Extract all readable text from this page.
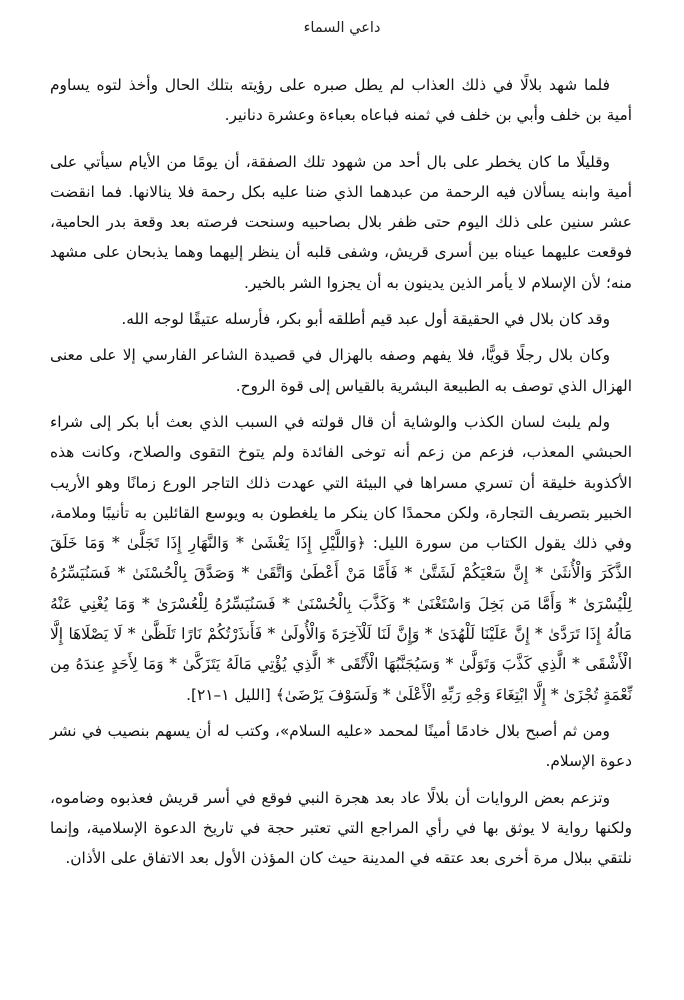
داعي السماء

فلما شهد بلالًا في ذلك العذاب لم يطل صبره على رؤيته بتلك الحال وأخذ لتوه يساوم أمية بن خلف وأبي بن خلف في ثمنه فباعاه بعباءة وعشرة دنانير.

وقليلًا ما كان يخطر على بال أحد من شهود تلك الصفقة، أن يومًا من الأيام سيأتي على أمية وابنه يسألان فيه الرحمة من عبدهما الذي ضنا عليه بكل رحمة فلا ينالانها. فما انقضت عشر سنين على ذلك اليوم حتى ظفر بلال بصاحبيه وسنحت فرصته بعد وقعة بدر الحامية، فوقعت عليهما عيناه بين أسرى قريش، وشفى قلبه أن ينظر إليهما وهما يذبحان على مشهد منه؛ لأن الإسلام لا يأمر الذين يدينون به أن يجزوا الشر بالخير.

وقد كان بلال في الحقيقة أول عبد قيم أطلقه أبو بكر، فأرسله عتيقًا لوجه الله.

وكان بلال رجلًا قويًّا، فلا يفهم وصفه بالهزال في قصيدة الشاعر الفارسي إلا على معنى الهزال الذي توصف به الطبيعة البشرية بالقياس إلى قوة الروح.

ولم يلبث لسان الكذب والوشاية أن قال قولته في السبب الذي بعث أبا بكر إلى شراء الحبشي المعذب، فزعم من زعم أنه توخى الفائدة ولم يتوخ التقوى والصلاح، وكانت هذه الأكذوبة خليقة أن تسري مسراها في البيئة التي عهدت ذلك التاجر الورع زمانًا وهو الأريب الخبير بتصريف التجارة، ولكن محمدًا كان ينكر ما يلغطون به ويوسع القائلين به تأنيبًا وملامة، وفي ذلك يقول الكتاب من سورة الليل: ﴿وَاللَّيْلِ إِذَا يَغْشَىٰ * وَالنَّهَارِ إِذَا تَجَلَّىٰ * وَمَا خَلَقَ الذَّكَرَ وَالْأُنثَىٰ * إِنَّ سَعْيَكُمْ لَشَتَّىٰ * فَأَمَّا مَنْ أَعْطَىٰ وَاتَّقَىٰ * وَصَدَّقَ بِالْحُسْنَىٰ * فَسَنُيَسِّرُهُ لِلْيُسْرَىٰ * وَأَمَّا مَن بَخِلَ وَاسْتَغْنَىٰ * وَكَذَّبَ بِالْحُسْنَىٰ * فَسَنُيَسِّرُهُ لِلْعُسْرَىٰ * وَمَا يُغْنِي عَنْهُ مَالُهُ إِذَا تَرَدَّىٰ * إِنَّ عَلَيْنَا لَلْهُدَىٰ * وَإِنَّ لَنَا لَلْآخِرَةَ وَالْأُولَىٰ * فَأَنذَرْتُكُمْ نَارًا تَلَظَّىٰ * لَا يَصْلَاهَا إِلَّا الْأَشْقَى * الَّذِي كَذَّبَ وَتَوَلَّىٰ * وَسَيُجَنَّبُهَا الْأَتْقَى * الَّذِي يُؤْتِي مَالَهُ يَتَزَكَّىٰ * وَمَا لِأَحَدٍ عِندَهُ مِن نِّعْمَةٍ تُجْزَىٰ * إِلَّا ابْتِغَاءَ وَجْهِ رَبِّهِ الْأَعْلَىٰ * وَلَسَوْفَ يَرْضَىٰ﴾ [الليل ١–٢١].

ومن ثم أصبح بلال خادمًا أمينًا لمحمد «عليه السلام»، وكتب له أن يسهم بنصيب في نشر دعوة الإسلام.

وتزعم بعض الروايات أن بلالًا عاد بعد هجرة النبي فوقع في أسر قريش فعذبوه وضاموه، ولكنها رواية لا يوثق بها في رأي المراجع التي تعتبر حجة في تاريخ الدعوة الإسلامية، وإنما نلتقي ببلال مرة أخرى بعد عتقه في المدينة حيث كان المؤذن الأول بعد الاتفاق على الأذان.
